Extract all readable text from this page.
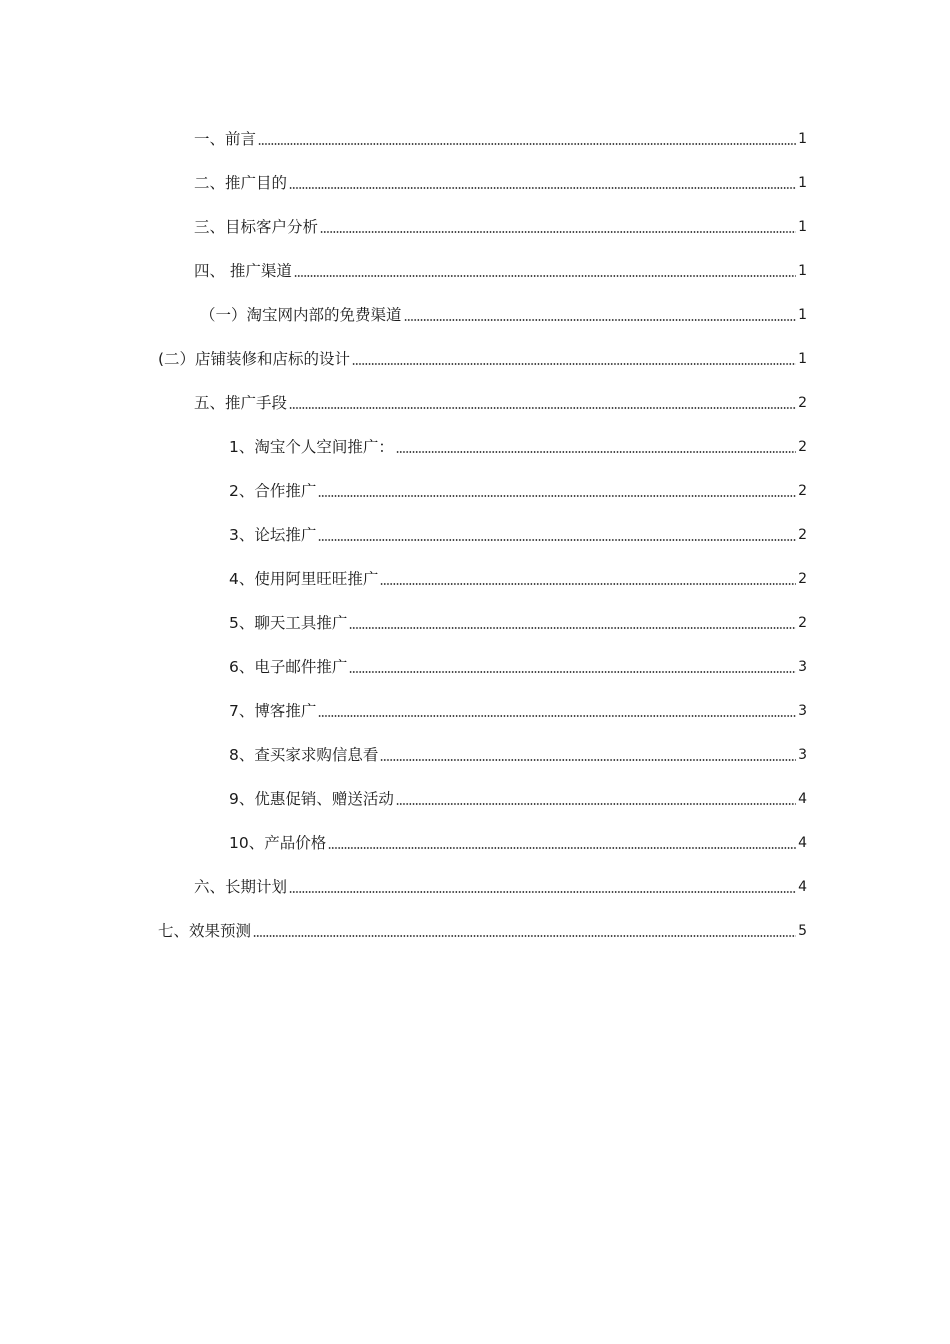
一、前言	1
二、推广目的	1
三、目标客户分析	1
四、 推广渠道	1
（一）淘宝网内部的免费渠道	1
(二）店铺装修和店标的设计	1
五、推广手段	2
1、淘宝个人空间推广：	2
2、合作推广	2
3、论坛推广	2
4、使用阿里旺旺推广	2
5、聊天工具推广	2
6、电子邮件推广	3
7、博客推广	3
8、查买家求购信息看	3
9、优惠促销、赠送活动	4
10、产品价格	4
六、长期计划	4
七、效果预测	5
